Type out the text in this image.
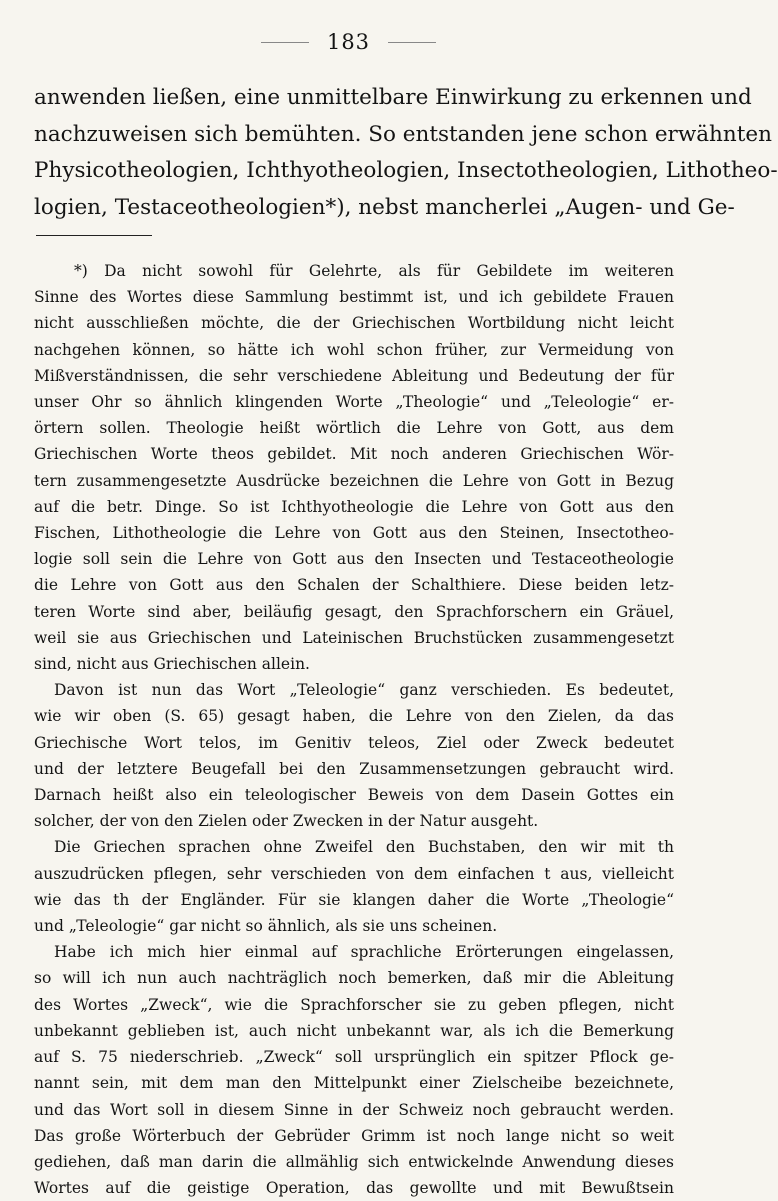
183
anwenden ließen, eine unmittelbare Einwirkung zu erkennen und
nachzuweisen sich bemühten. So entstanden jene schon erwähnten
Physicotheologien, Ichthyotheologien, Insectotheologien, Lithotheo-
logien, Testaceotheologien*), nebst mancherlei „Augen- und Ge-
*) Da nicht sowohl für Gelehrte, als für Gebildete im weiteren
Sinne des Wortes diese Sammlung bestimmt ist, und ich gebildete Frauen
nicht ausschließen möchte, die der Griechischen Wortbildung nicht leicht
nachgehen können, so hätte ich wohl schon früher, zur Vermeidung von
Mißverständnissen, die sehr verschiedene Ableitung und Bedeutung der für
unser Ohr so ähnlich klingenden Worte „Theologie“ und „Teleologie“ er-
örtern sollen. Theologie heißt wörtlich die Lehre von Gott, aus dem
Griechischen Worte theos gebildet. Mit noch anderen Griechischen Wör-
tern zusammengesetzte Ausdrücke bezeichnen die Lehre von Gott in Bezug
auf die betr. Dinge. So ist Ichthyotheologie die Lehre von Gott aus den
Fischen, Lithotheologie die Lehre von Gott aus den Steinen, Insectotheo-
logie soll sein die Lehre von Gott aus den Insecten und Testaceotheologie
die Lehre von Gott aus den Schalen der Schalthiere. Diese beiden letz-
teren Worte sind aber, beiläufig gesagt, den Sprachforschern ein Gräuel,
weil sie aus Griechischen und Lateinischen Bruchstücken zusammengesetzt
sind, nicht aus Griechischen allein.
Davon ist nun das Wort „Teleologie“ ganz verschieden. Es bedeutet,
wie wir oben (S. 65) gesagt haben, die Lehre von den Zielen, da das
Griechische Wort telos, im Genitiv teleos, Ziel oder Zweck bedeutet
und der letztere Beugefall bei den Zusammensetzungen gebraucht wird.
Darnach heißt also ein teleologischer Beweis von dem Dasein Gottes ein
solcher, der von den Zielen oder Zwecken in der Natur ausgeht.
Die Griechen sprachen ohne Zweifel den Buchstaben, den wir mit th
auszudrücken pflegen, sehr verschieden von dem einfachen t aus, vielleicht
wie das th der Engländer. Für sie klangen daher die Worte „Theologie“
und „Teleologie“ gar nicht so ähnlich, als sie uns scheinen.
Habe ich mich hier einmal auf sprachliche Erörterungen eingelassen,
so will ich nun auch nachträglich noch bemerken, daß mir die Ableitung
des Wortes „Zweck“, wie die Sprachforscher sie zu geben pflegen, nicht
unbekannt geblieben ist, auch nicht unbekannt war, als ich die Bemerkung
auf S. 75 niederschrieb. „Zweck“ soll ursprünglich ein spitzer Pflock ge-
nannt sein, mit dem man den Mittelpunkt einer Zielscheibe bezeichnete,
und das Wort soll in diesem Sinne in der Schweiz noch gebraucht werden.
Das große Wörterbuch der Gebrüder Grimm ist noch lange nicht so weit
gediehen, daß man darin die allmählig sich entwickelnde Anwendung dieses
Wortes auf die geistige Operation, das gewollte und mit Bewußtsein
